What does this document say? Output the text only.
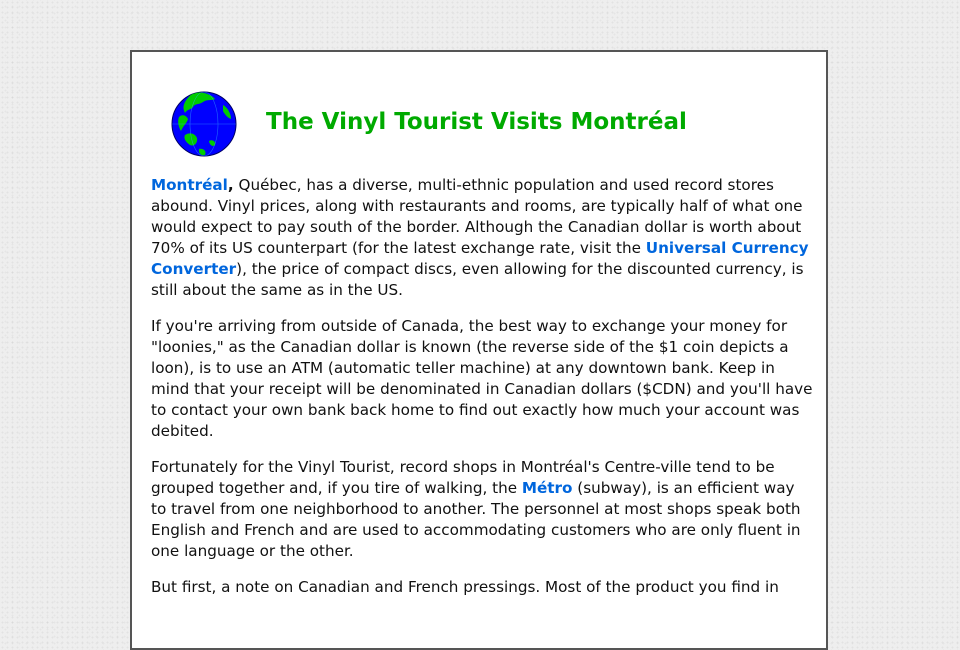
The Vinyl Tourist Visits Montréal

Montréal, Québec, has a diverse, multi-ethnic population and used record stores abound. Vinyl prices, along with restaurants and rooms, are typically half of what one would expect to pay south of the border. Although the Canadian dollar is worth about 70% of its US counterpart (for the latest exchange rate, visit the Universal Currency Converter), the price of compact discs, even allowing for the discounted currency, is still about the same as in the US.

If you're arriving from outside of Canada, the best way to exchange your money for "loonies," as the Canadian dollar is known (the reverse side of the $1 coin depicts a loon), is to use an ATM (automatic teller machine) at any downtown bank. Keep in mind that your receipt will be denominated in Canadian dollars ($CDN) and you'll have to contact your own bank back home to find out exactly how much your account was debited.

Fortunately for the Vinyl Tourist, record shops in Montréal's Centre-ville tend to be grouped together and, if you tire of walking, the Métro (subway), is an efficient way to travel from one neighborhood to another. The personnel at most shops speak both English and French and are used to accommodating customers who are only fluent in one language or the other.

But first, a note on Canadian and French pressings. Most of the product you find in
